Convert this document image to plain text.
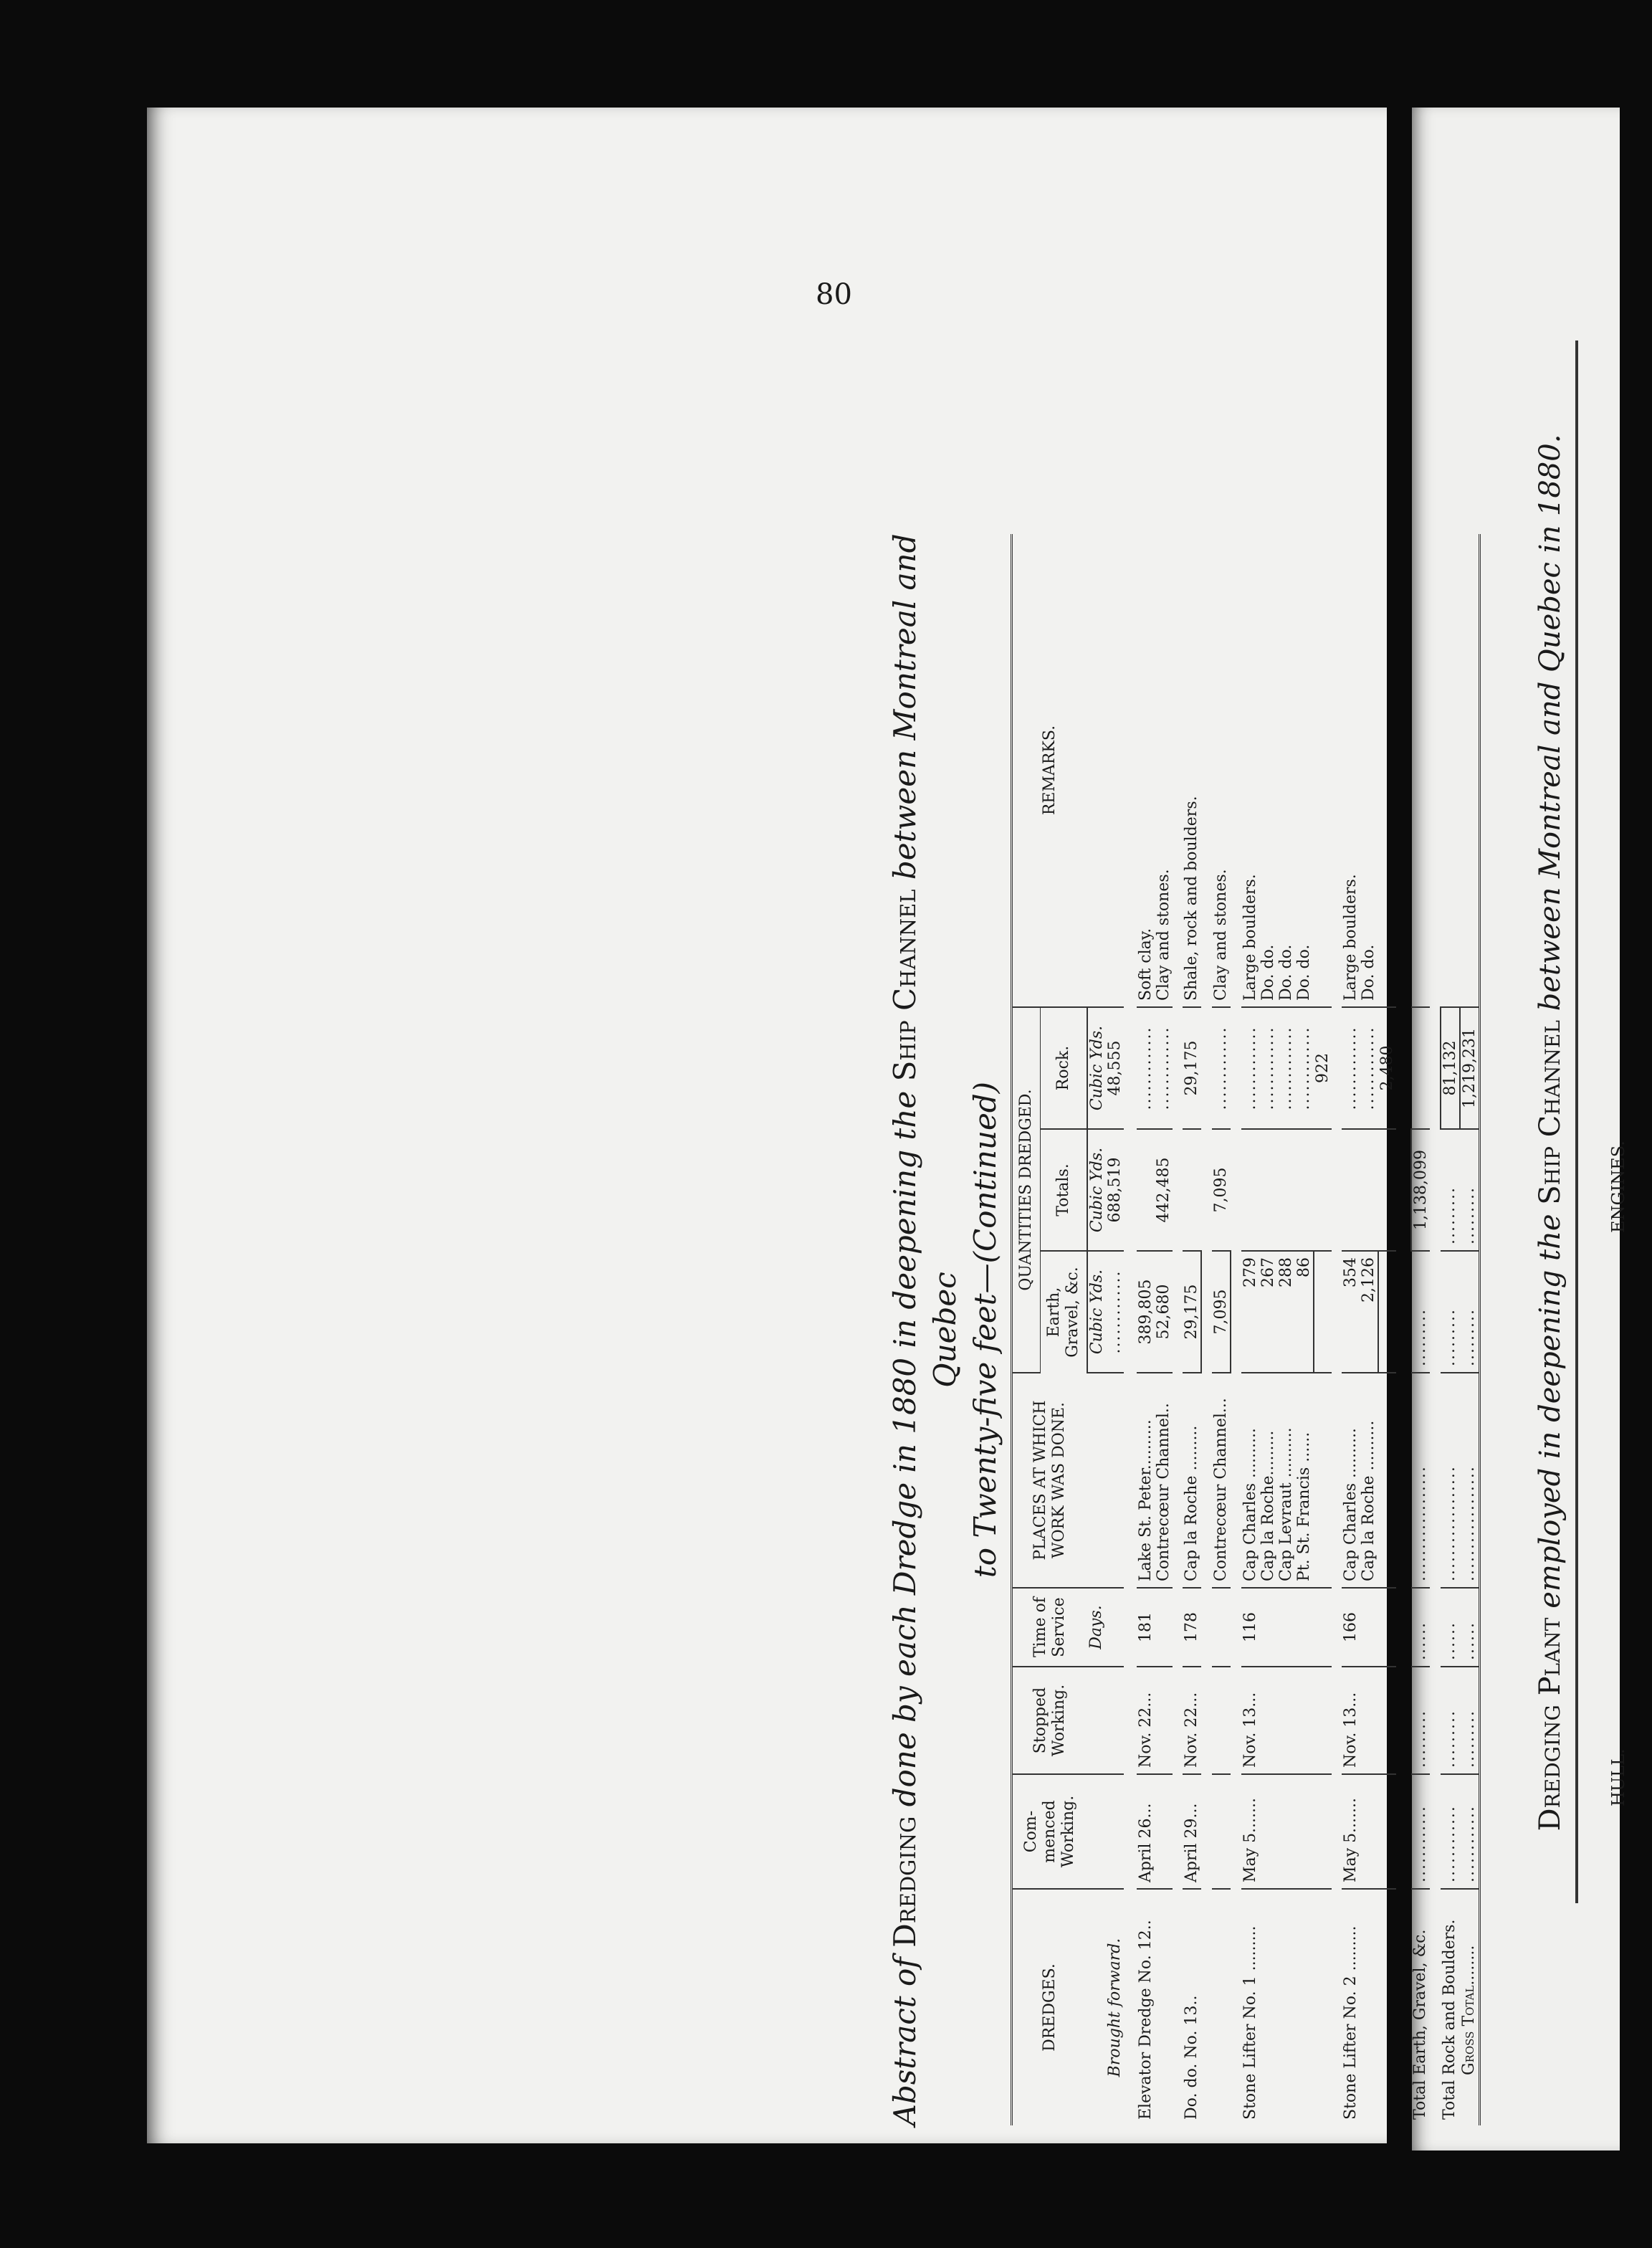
80
Abstract of Dredging done by each Dredge in 1880 in deepening the Ship Channel between Montreal and Quebec to Twenty-five feet—(Continued)
DREDGES.	Com-menced Working.	Stopped Working.	Time of Service	PLACES AT WHICH WORK WAS DONE.	QUANTITIES DREDGED.			REMARKS.
					Earth, Gravel, &c.	Totals.	Rock.	
			Days.		Cubic Yds.	Cubic Yds.	Cubic Yds.	
Brought forward.					.............	688,519	48,555	

Elevator Dredge No. 12..	April 26...	Nov. 22...	181	Lake St. Peter..........	389,805		.............	Soft clay.
				Contrecœur Channel..	52,680	442,485	.............	Clay and stones.

Do. do. No. 13..	April 29...	Nov. 22...	178	Cap la Roche .........	29,175		29,175	Shale, rock and boulders.

				Contrecœur Channel...	7,095	7,095	.............	Clay and stones.

Stone Lifter No. 1 .........	May 5.......	Nov. 13...	116	Cap Charles ..........	279		.............	Large boulders.
				Cap la Roche.........	267		.............	Do. do.
				Cap Levraut ..........	288		.............	Do. do.
				Pt. St. Francis ......	86		.............	Do. do.
							922	

Stone Lifter No. 2 .........	May 5.......	Nov. 13...	166	Cap Charles ..........	354		.............	Large boulders.
				Cap la Roche ..........	2,126		.............	Do. do.
							2,480	

Total Earth, Gravel, &c.	............	.........	......	..................	.........	1,138,099		

Total Rock and Boulders.	............	.........	......	..................	.........	.........	81,132	
Gross Total........	............	.........	......	..................	.........	.........	1,219,231	
Dredging Plant employed in deepening the Ship Channel between Montreal and Quebec in 1880.
HULL.
ENGINES.
